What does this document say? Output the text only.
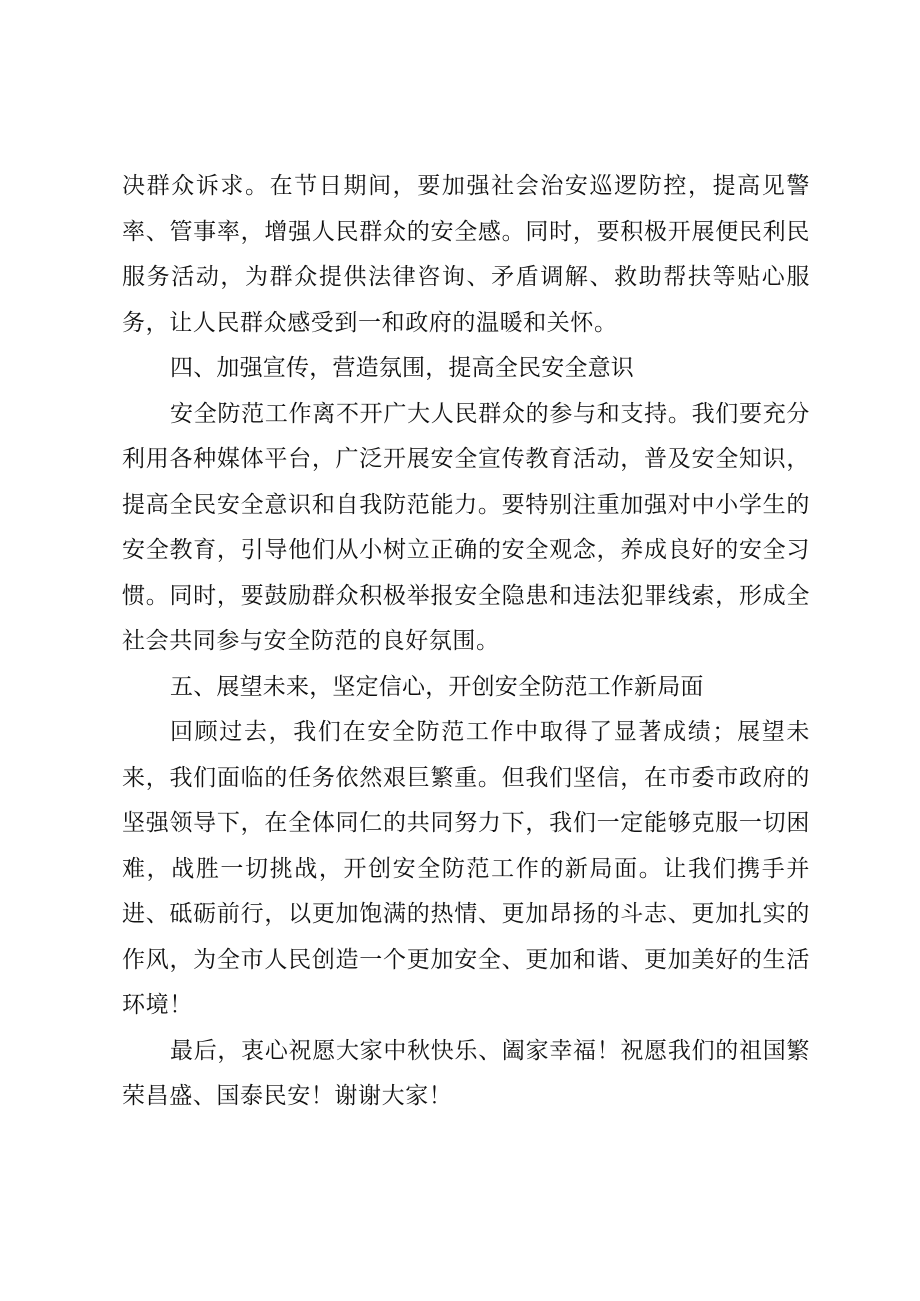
决群众诉求。在节日期间，要加强社会治安巡逻防控，提高见警率、管事率，增强人民群众的安全感。同时，要积极开展便民利民服务活动，为群众提供法律咨询、矛盾调解、救助帮扶等贴心服务，让人民群众感受到一和政府的温暖和关怀。

四、加强宣传，营造氛围，提高全民安全意识

安全防范工作离不开广大人民群众的参与和支持。我们要充分利用各种媒体平台，广泛开展安全宣传教育活动，普及安全知识，提高全民安全意识和自我防范能力。要特别注重加强对中小学生的安全教育，引导他们从小树立正确的安全观念，养成良好的安全习惯。同时，要鼓励群众积极举报安全隐患和违法犯罪线索，形成全社会共同参与安全防范的良好氛围。

五、展望未来，坚定信心，开创安全防范工作新局面

回顾过去，我们在安全防范工作中取得了显著成绩；展望未来，我们面临的任务依然艰巨繁重。但我们坚信，在市委市政府的坚强领导下，在全体同仁的共同努力下，我们一定能够克服一切困难，战胜一切挑战，开创安全防范工作的新局面。让我们携手并进、砥砺前行，以更加饱满的热情、更加昂扬的斗志、更加扎实的作风，为全市人民创造一个更加安全、更加和谐、更加美好的生活环境！

最后，衷心祝愿大家中秋快乐、阖家幸福！祝愿我们的祖国繁荣昌盛、国泰民安！谢谢大家！
